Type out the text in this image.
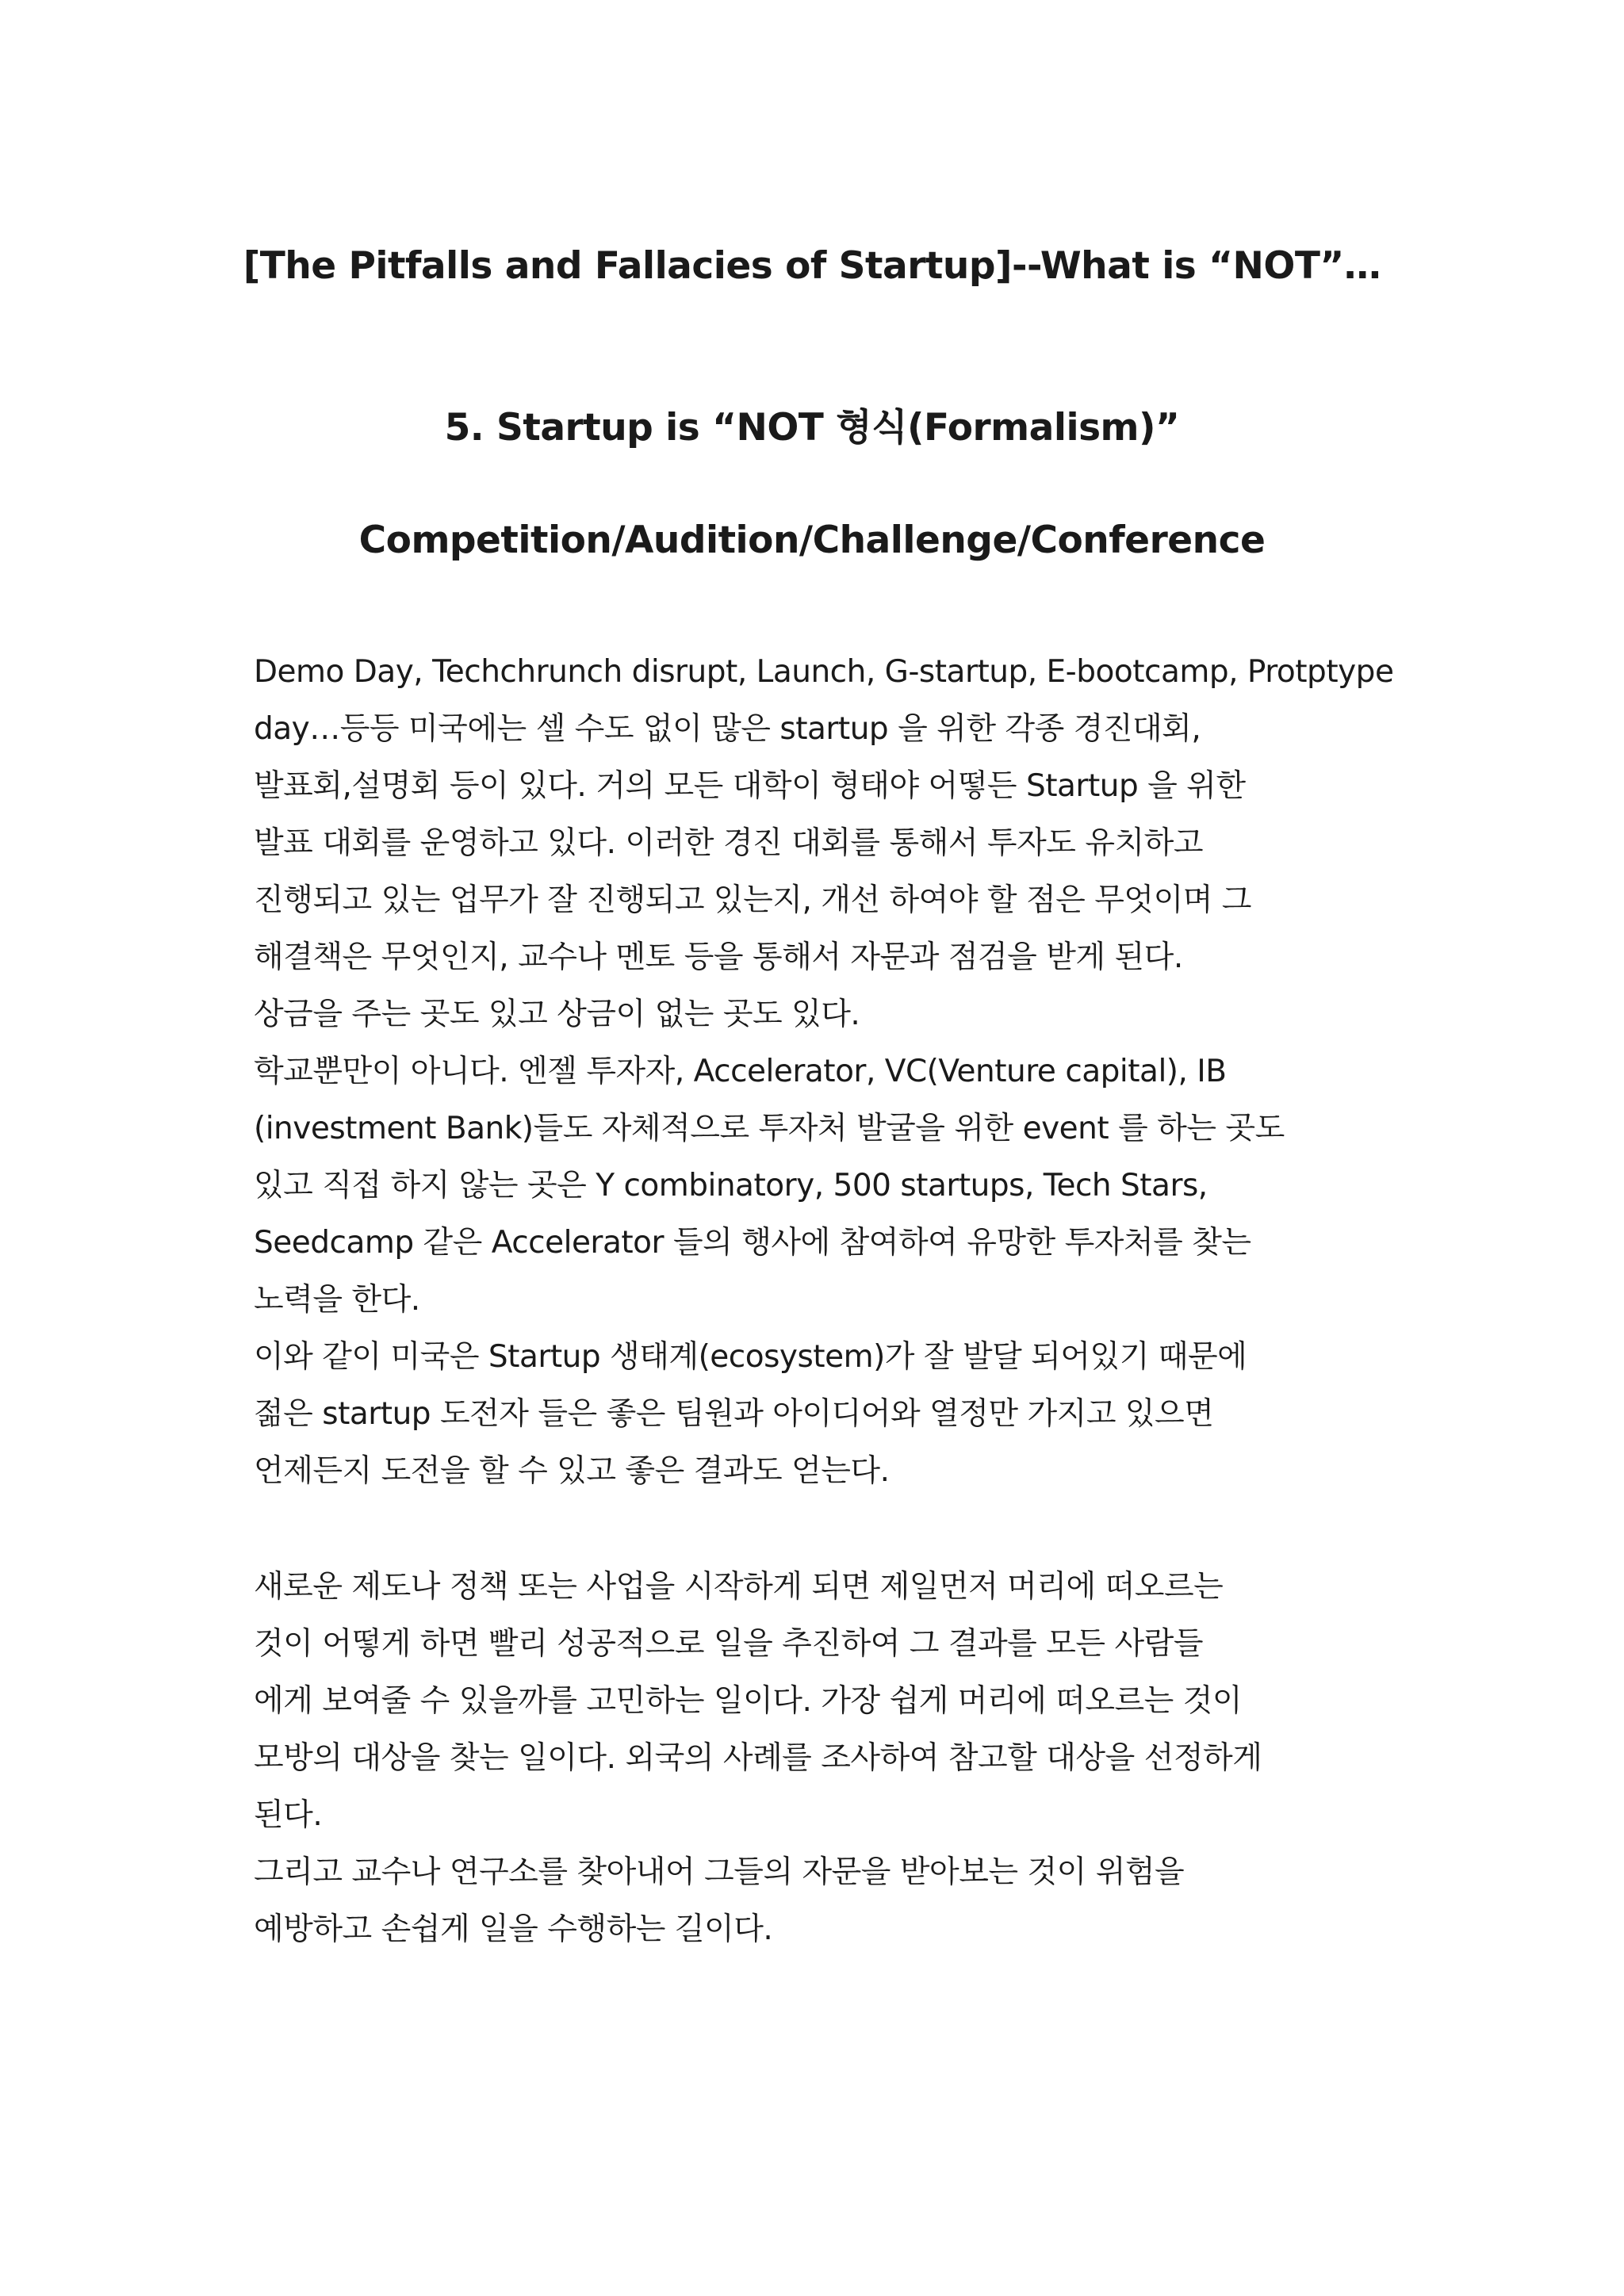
[The Pitfalls and Fallacies of Startup]--What is “NOT”…
5. Startup is “NOT 형식(Formalism)”
Competition/Audition/Challenge/Conference
Demo Day, Techchrunch disrupt, Launch, G-startup, E-bootcamp, Protptype
day…등등 미국에는 셀 수도 없이 많은 startup 을 위한 각종 경진대회,
발표회,설명회 등이 있다. 거의 모든 대학이 형태야 어떻든 Startup 을 위한
발표 대회를 운영하고 있다. 이러한 경진 대회를 통해서 투자도 유치하고
진행되고 있는 업무가 잘 진행되고 있는지, 개선 하여야 할 점은 무엇이며 그
해결책은 무엇인지, 교수나 멘토 등을 통해서 자문과 점검을 받게 된다.
상금을 주는 곳도 있고 상금이 없는 곳도 있다.
학교뿐만이 아니다. 엔젤 투자자, Accelerator, VC(Venture capital), IB
(investment Bank)들도 자체적으로 투자처 발굴을 위한 event 를 하는 곳도
있고 직접 하지 않는 곳은 Y combinatory, 500 startups, Tech Stars,
Seedcamp 같은 Accelerator 들의 행사에 참여하여 유망한 투자처를 찾는
노력을 한다.
이와 같이 미국은 Startup 생태계(ecosystem)가 잘 발달 되어있기 때문에
젊은 startup 도전자 들은 좋은 팀원과 아이디어와 열정만 가지고 있으면
언제든지 도전을 할 수 있고 좋은 결과도 얻는다.
새로운 제도나 정책 또는 사업을 시작하게 되면 제일먼저 머리에 떠오르는
것이 어떻게 하면 빨리 성공적으로 일을 추진하여 그 결과를 모든 사람들
에게 보여줄 수 있을까를 고민하는 일이다. 가장 쉽게 머리에 떠오르는 것이
모방의 대상을 찾는 일이다. 외국의 사례를 조사하여 참고할 대상을 선정하게
된다.
그리고 교수나 연구소를 찾아내어 그들의 자문을 받아보는 것이 위험을
예방하고 손쉽게 일을 수행하는 길이다.
